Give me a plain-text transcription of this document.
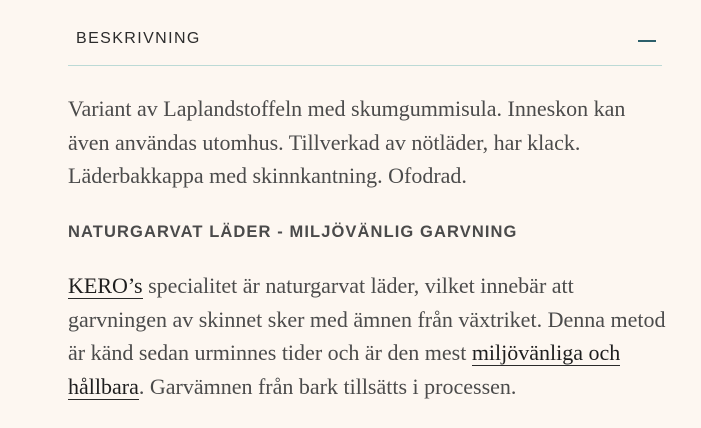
BESKRIVNING

Variant av Laplandstoffeln med skumgummisula. Inneskon kan även användas utomhus. Tillverkad av nötläder, har klack. Läderbakkappa med skinnkantning. Ofodrad.

NATURGARVAT LÄDER - MILJÖVÄNLIG GARVNING

KERO’s specialitet är naturgarvat läder, vilket innebär att garvningen av skinnet sker med ämnen från växtriket. Denna metod är känd sedan urminnes tider och är den mest miljövänliga och hållbara. Garvämnen från bark tillsätts i processen.
